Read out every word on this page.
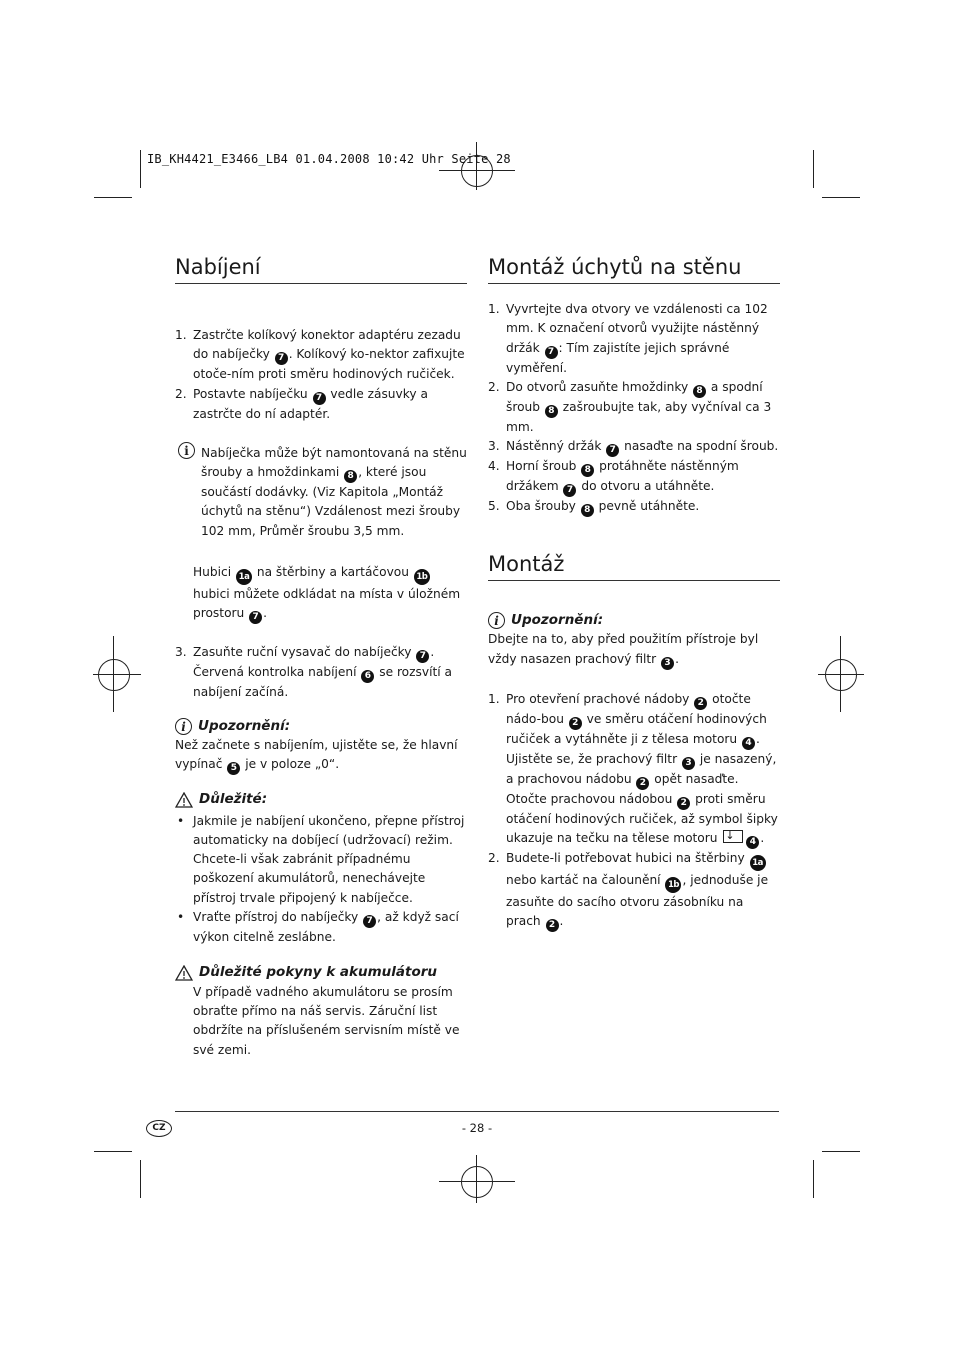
IB_KH4421_E3466_LB4 01.04.2008 10:42 Uhr Seite 28
Nabíjení
1. Zastrčte kolíkový konektor adaptéru zezadu do nabíječky 7 . Kolíkový ko-nektor zafixujte otoče-ním proti směru hodinových ručiček.
2. Postavte nabíječku 7 vedle zásuvky a zastrčte do ní adaptér.
i	Nabíječka může být namontovaná na stěnu šrouby a hmoždinkami 8 , které jsou součástí dodávky. (Viz Kapitola „Montáž úchytů na stěnu“) Vzdálenost mezi šrouby 102 mm, Průměr šroubu 3,5 mm.
Hubici 1a na štěrbiny a kartáčovou 1b hubici můžete odkládat na místa v úložném prostoru 7 .
3. Zasuňte ruční vysavač do nabíječky 7 . Červená kontrolka nabíjení 6 se rozsvítí a nabíjení začíná.
i Upozornění:
Než začnete s nabíjením, ujistěte se, že hlavní vypínač 5 je v poloze „0“.
Důležité:
• Jakmile je nabíjení ukončeno, přepne přístroj automaticky na dobíjecí (udržovací) režim. Chcete-li však zabránit případnému poškození akumulátorů, nenechávejte přístroj trvale připojený k nabíječce.
• Vraťte přístroj do nabíječky 7 , až když sací výkon citelně zeslábne.
Důležité pokyny k akumulátoru
V případě vadného akumulátoru se prosím obraťte přímo na náš servis. Záruční list obdržíte na příslušeném servisním místě ve své zemi.
Montáž úchytů na stěnu
1. Vyvrtejte dva otvory ve vzdálenosti ca 102 mm. K označení otvorů využijte nástěnný držák 7 : Tím zajistíte jejich správné vyměření.
2. Do otvorů zasuňte hmoždinky 8 a spodní šroub 8 zašroubujte tak, aby vyčníval ca 3 mm.
3. Nástěnný držák 7 nasaďte na spodní šroub.
4. Horní šroub 8 protáhněte nástěnným držákem 7 do otvoru a utáhněte.
5. Oba šrouby 8 pevně utáhněte.
Montáž
i Upozornění:
Dbejte na to, aby před použitím přístroje byl vždy nasazen prachový filtr 3 .
1. Pro otevření prachové nádoby 2 otočte nádo-bou 2 ve směru otáčení hodinových ručiček a vytáhněte ji z tělesa motoru 4 .
Ujistěte se, že prachový filtr 3 je nasazený, a prachovou nádobu 2 opět nasaďte. Otočte prachovou nádobou 2 proti směru otáčení hodinových ručiček, až symbol šipky ukazuje na tečku na tělese motoru ↓	4 .
2. Budete-li potřebovat hubici na štěrbiny 1a nebo kartáč na čalounění 1b , jednoduše je zasuňte do sacího otvoru zásobníku na prach 2 .
CZ	- 28 -
